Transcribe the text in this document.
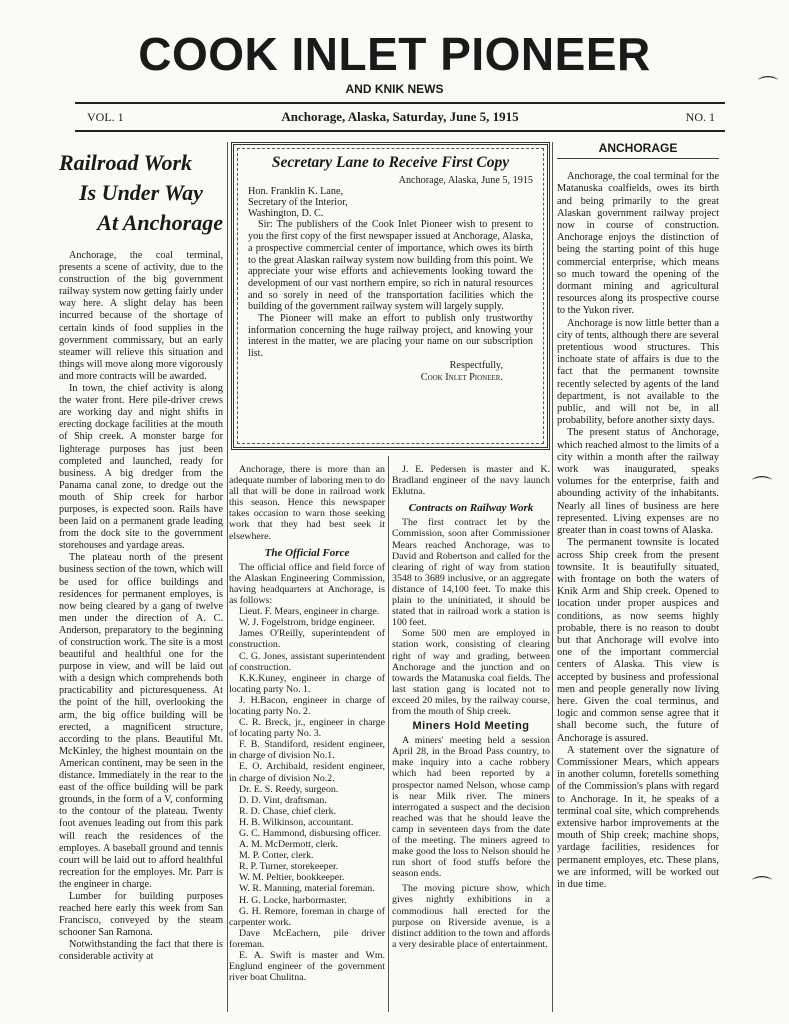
COOK INLET PIONEER
AND KNIK NEWS
VOL. 1	Anchorage, Alaska, Saturday, June 5, 1915	NO. 1
Railroad Work
Is Under Way
At Anchorage

Anchorage, the coal terminal, presents a scene of activity, due to the construction of the big government railway system now getting fairly under way here. A slight delay has been incurred because of the shortage of certain kinds of food supplies in the government commissary, but an early steamer will relieve this situation and things will move along more vigorously and more contracts will be awarded.

In town, the chief activity is along the water front. Here pile-driver crews are working day and night shifts in erecting dockage facilities at the mouth of Ship creek. A monster barge for lighterage purposes has just been completed and launched, ready for business. A big dredger from the Panama canal zone, to dredge out the mouth of Ship creek for harbor purposes, is expected soon. Rails have been laid on a permanent grade leading from the dock site to the government storehouses and yardage areas.

The plateau north of the present business section of the town, which will be used for office buildings and residences for permanent employes, is now being cleared by a gang of twelve men under the direction of A. C. Anderson, preparatory to the beginning of construction work. The site is a most beautiful and healthful one for the purpose in view, and will be laid out with a design which comprehends both practicability and picturesqueness. At the point of the hill, overlooking the arm, the big office building will be erected, a magnificent structure, according to the plans. Beautiful Mt. McKinley, the highest mountain on the American continent, may be seen in the distance. Immediately in the rear to the east of the office building will be park grounds, in the form of a V, conforming to the contour of the plateau. Twenty foot avenues leading out from this park will reach the residences of the employes. A baseball ground and tennis court will be laid out to afford healthful recreation for the employes. Mr. Parr is the engineer in charge.

Lumber for building purposes reached here early this week from San Francisco, conveyed by the steam schooner San Ramona.

Notwithstanding the fact that there is considerable activity at

Secretary Lane to Receive First Copy
Anchorage, Alaska, June 5, 1915
Hon. Franklin K. Lane,
Secretary of the Interior,
Washington, D. C.

Sir: The publishers of the Cook Inlet Pioneer wish to present to you the first copy of the first newspaper issued at Anchorage, Alaska, a prospective commercial center of importance, which owes its birth to the great Alaskan railway system now building from this point. We appreciate your wise efforts and achievements looking toward the development of our vast northern empire, so rich in natural resources and so sorely in need of the transportation facilities which the building of the government railway system will largely supply.

The Pioneer will make an effort to publish only trustworthy information concerning the huge railway project, and knowing your interest in the matter, we are placing your name on our subscription list.

Respectfully,
Cook Inlet Pioneer.

Anchorage, there is more than an adequate number of laboring men to do all that will be done in railroad work this season. Hence this newspaper takes occasion to warn those seeking work that they had best seek it elsewhere.

The Official Force

The official office and field force of the Alaskan Engineering Commission, having headquarters at Anchorage, is as follows:

Lieut. F. Mears, engineer in charge.

W. J. Fogelstrom, bridge engineer.

James O'Reilly, superintendent of construction.

C. G. Jones, assistant superintendent of construction.

K.K.Kuney, engineer in charge of locating party No. 1.

J. H.Bacon, engineer in charge of locating party No. 2.

C. R. Breck, jr., engineer in charge of locating party No. 3.

F. B. Standiford, resident engineer, in charge of division No.1.

E. O. Archibald, resident engineer, in charge of division No.2.

Dr. E. S. Reedy, surgeon.

D. D. Vint, draftsman.

R. D. Chase, chief clerk.

H. B. Wilkinson, accountant.

G. C. Hammond, disbursing officer.

A. M. McDermott, clerk.

M. P. Cotter, clerk.

R. P. Turner, storekeeper.

W. M. Peltier, bookkeeper.

W. R. Manning, material foreman.

H. G. Locke, harbormaster.

G. H. Remore, foreman in charge of carpenter work.

Dave McEachern, pile driver foreman.

E. A. Swift is master and Wm. Englund engineer of the government river boat Chulitna.

J. E. Pedersen is master and K. Bradland engineer of the navy launch Eklutna.

Contracts on Railway Work

The first contract let by the Commission, soon after Commissioner Mears reached Anchorage, was to David and Robertson and called for the clearing of right of way from station 3548 to 3689 inclusive, or an aggregate distance of 14,100 feet. To make this plain to the uninitiated, it should be stated that in railroad work a station is 100 feet.

Some 500 men are employed in station work, consisting of clearing right of way and grading, between Anchorage and the junction and on towards the Matanuska coal fields. The last station gang is located not to exceed 20 miles, by the railway course, from the mouth of Ship creek.

Miners Hold Meeting

A miners' meeting held a session April 28, in the Broad Pass country, to make inquiry into a cache robbery which had been reported by a prospector named Nelson, whose camp is near Milk river. The miners interrogated a suspect and the decision reached was that he should leave the camp in seventeen days from the date of the meeting. The miners agreed to make good the loss to Nelson should he run short of food stuffs before the season ends.

The moving picture show, which gives nightly exhibitions in a commodious hall erected for the purpose on Riverside avenue, is a distinct addition to the town and affords a very desirable place of entertainment.

ANCHORAGE

Anchorage, the coal terminal for the Matanuska coalfields, owes its birth and being primarily to the great Alaskan government railway project now in course of construction. Anchorage enjoys the distinction of being the starting point of this huge commercial enterprise, which means so much toward the opening of the dormant mining and agricultural resources along its prospective course to the Yukon river.

Anchorage is now little better than a city of tents, although there are several pretentious wood structures. This inchoate state of affairs is due to the fact that the permanent townsite recently selected by agents of the land department, is not available to the public, and will not be, in all probability, before another sixty days.

The present status of Anchorage, which reached almost to the limits of a city within a month after the railway work was inaugurated, speaks volumes for the enterprise, faith and abounding activity of the inhabitants. Nearly all lines of business are here represented. Living expenses are no greater than in coast towns of Alaska.

The permanent townsite is located across Ship creek from the present townsite. It is beautifully situated, with frontage on both the waters of Knik Arm and Ship creek. Opened to location under proper auspices and conditions, as now seems highly probable, there is no reason to doubt but that Anchorage will evolve into one of the important commercial centers of Alaska. This view is accepted by business and professional men and people generally now living here. Given the coal terminus, and logic and common sense agree that it shall become such, the future of Anchorage is assured.

A statement over the signature of Commissioner Mears, which appears in another column, foretells something of the Commission's plans with regard to Anchorage. In it, he speaks of a terminal coal site, which comprehends extensive harbor improvements at the mouth of Ship creek; machine shops, yardage facilities, residences for permanent employes, etc. These plans, we are informed, will be worked out in due time.

⌒
⌒
⌒
